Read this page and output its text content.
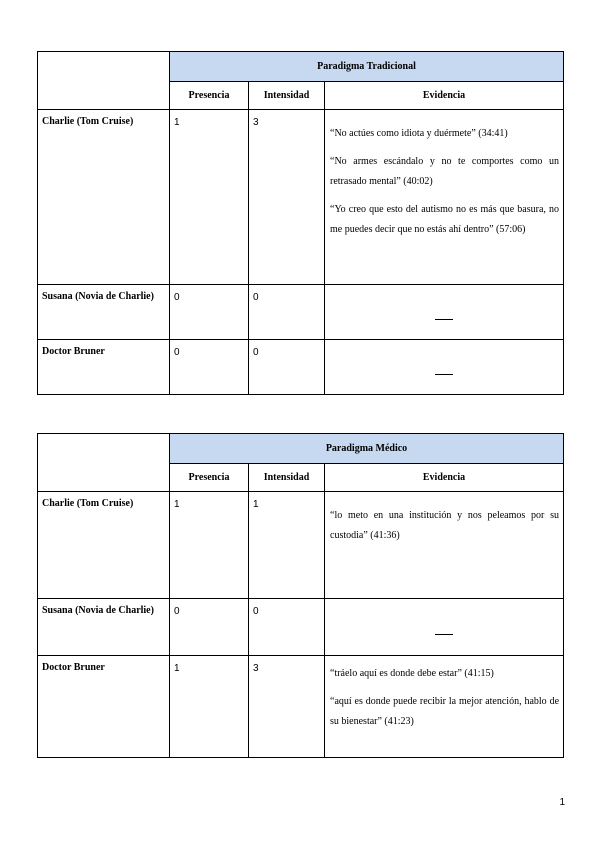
	Paradigma Tradicional		
	Presencia	Intensidad	Evidencia
Charlie (Tom Cruise)	1	3	“No actúes como idiota y duérmete” (34:41)

“No armes escándalo y no te comportes como un retrasado mental” (40:02)

“Yo creo que esto del autismo no es más que basura, no me puedes decir que no estás ahí dentro” (57:06)

Susana (Novia de Charlie)	0	0	
Doctor Bruner	0	0	
	Paradigma Médico		
	Presencia	Intensidad	Evidencia
Charlie (Tom Cruise)	1	1	“lo meto en una institución y nos peleamos por su custodia” (41:36)

Susana (Novia de Charlie)	0	0	
Doctor Bruner	1	3	“tráelo aquí es donde debe estar” (41:15)

“aquí es donde puede recibir la mejor atención, hablo de su bienestar” (41:23)

1
